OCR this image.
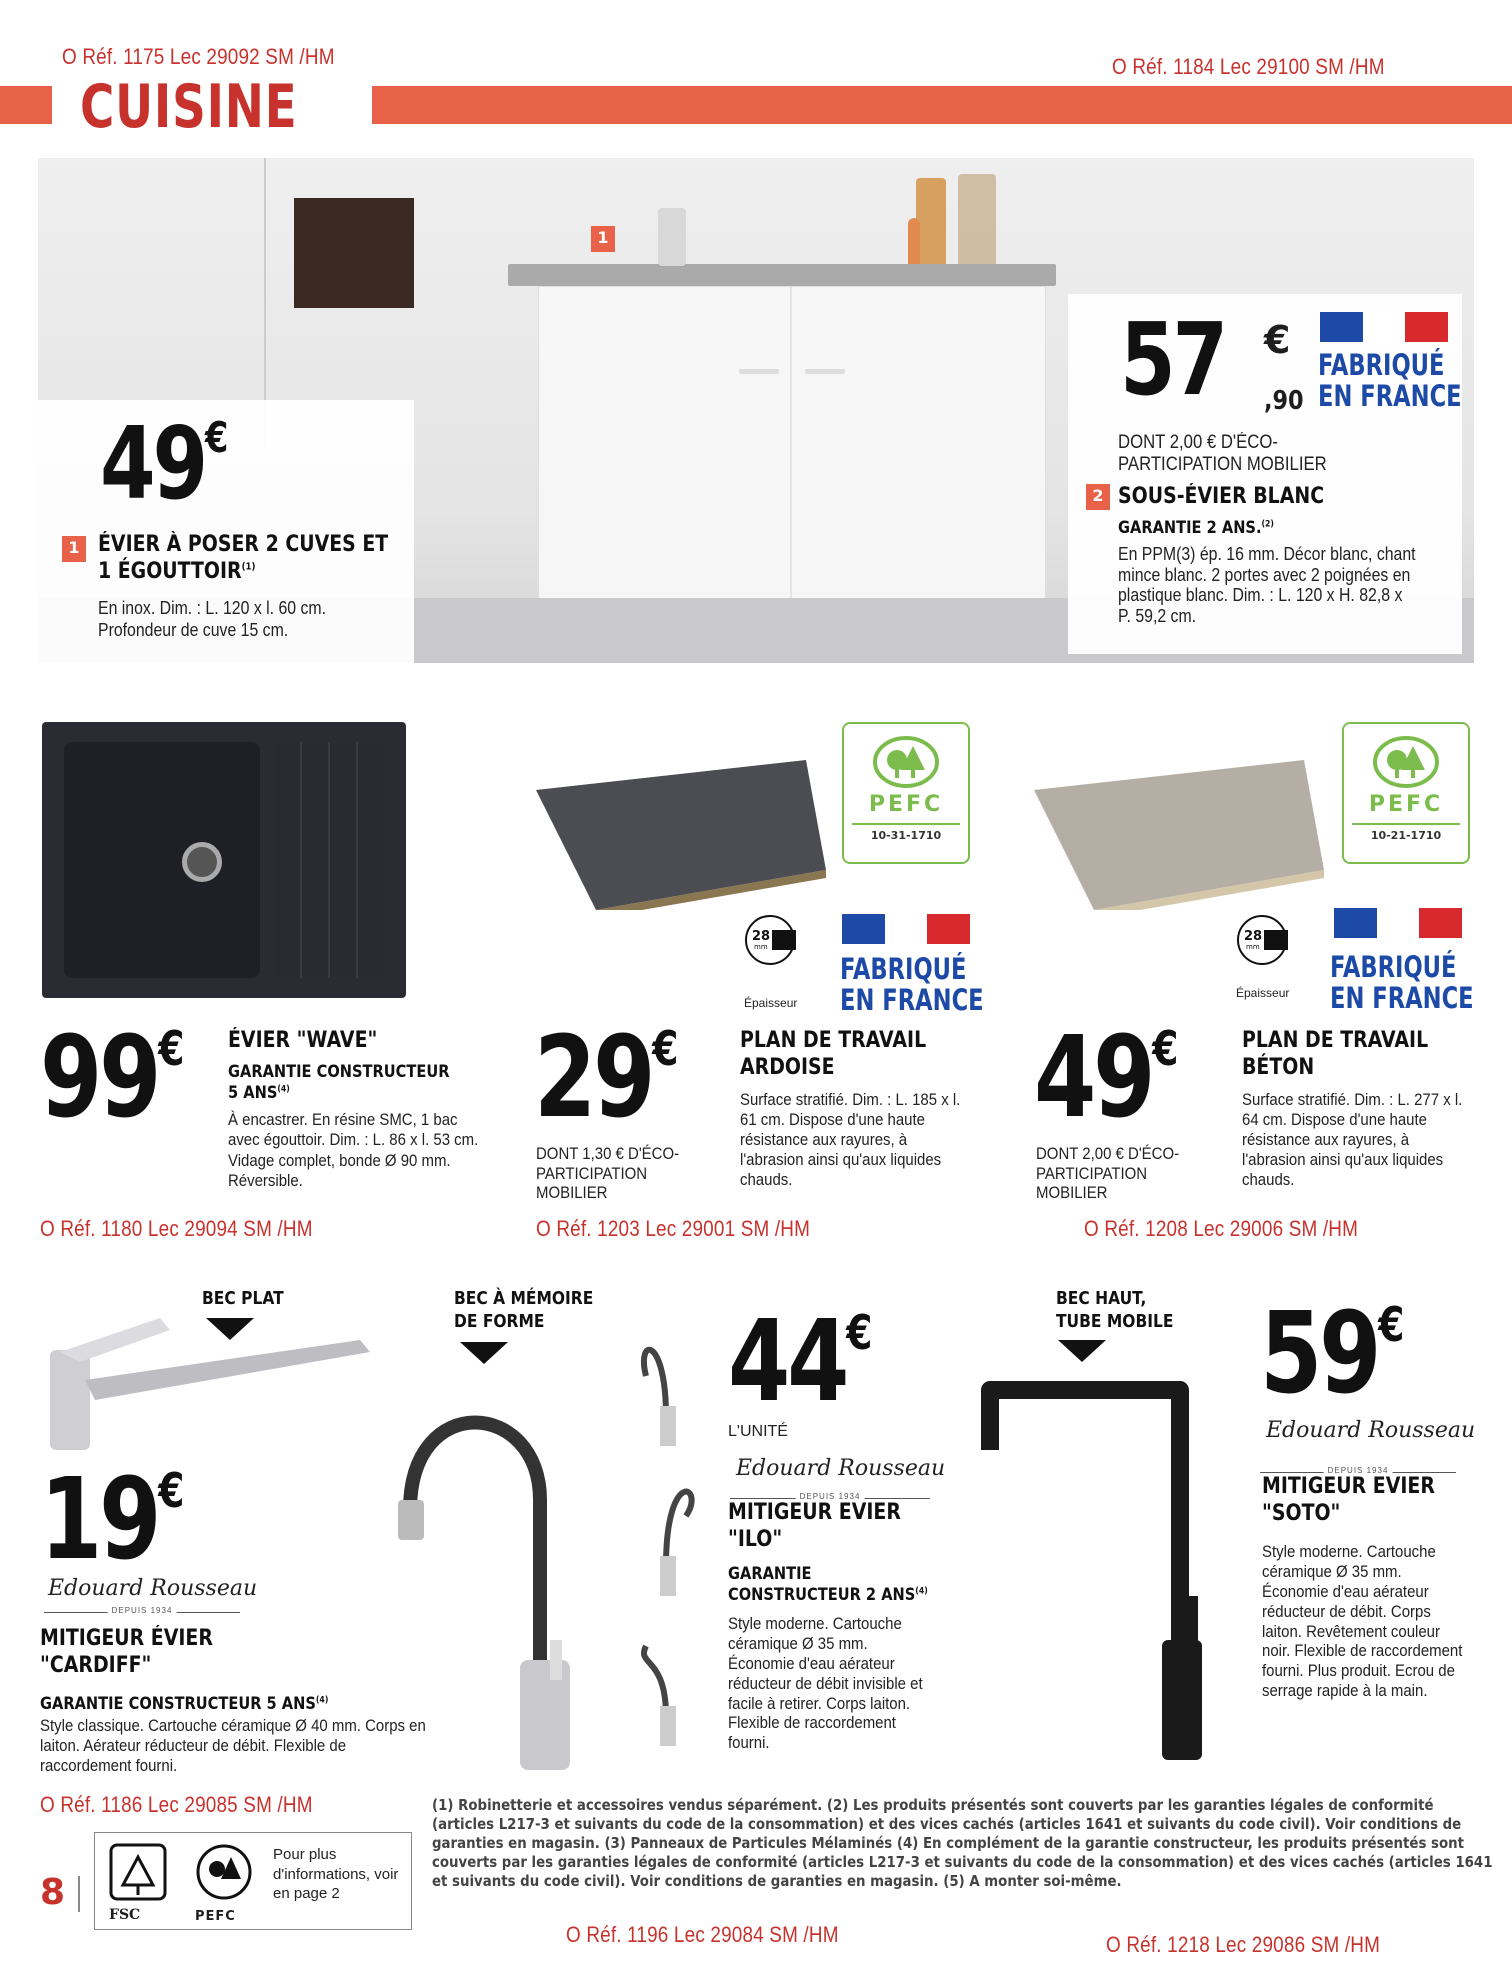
O Réf. 1175 Lec 29092 SM /HM	O Réf. 1184 Lec 29100 SM /HM
CUISINE
1
49€
1 ÉVIER À POSER 2 CUVES ET 1 ÉGOUTTOIR$^{(1)}$
En inox. Dim. : L. 120 x l. 60 cm.
Profondeur de cuve 15 cm.
57 €
,90
FABRIQUÉ
EN FRANCE
DONT 2,00 € D'ÉCO-PARTICIPATION MOBILIER
2 SOUS-ÉVIER BLANC
GARANTIE 2 ANS.$^{(2)}$
En PPM(3) ép. 16 mm. Décor blanc, chant mince blanc. 2 portes avec 2 poignées en plastique blanc. Dim. : L. 120 x H. 82,8 x P. 59,2 cm.
99€ ÉVIER "WAVE"
GARANTIE CONSTRUCTEUR 5 ANS$^{(4)}$
À encastrer. En résine SMC, 1 bac avec égouttoir. Dim. : L. 86 x l. 53 cm. Vidage complet, bonde Ø 90 mm. Réversible.
O Réf. 1180 Lec 29094 SM /HM
PEFC
10-31-1710
28
mm
Épaisseur
FABRIQUÉ
EN FRANCE
29€	PLAN DE TRAVAIL
ARDOISE
Surface stratifié. Dim. : L. 185 x l. 61 cm. Dispose d'une haute résistance aux rayures, à l'abrasion ainsi qu'aux liquides chauds.
DONT 1,30 € D'ÉCO-PARTICIPATION MOBILIER
O Réf. 1203 Lec 29001 SM /HM
PEFC
10-21-1710
28
mm
Épaisseur
FABRIQUÉ
EN FRANCE
49€	PLAN DE TRAVAIL
BÉTON
Surface stratifié. Dim. : L. 277 x l. 64 cm. Dispose d'une haute résistance aux rayures, à l'abrasion ainsi qu'aux liquides chauds.
DONT 2,00 € D'ÉCO-PARTICIPATION MOBILIER
O Réf. 1208 Lec 29006 SM /HM
BEC PLAT
19€
Edouard Rousseau
DEPUIS 1934
MITIGEUR ÉVIER
"CARDIFF"
GARANTIE CONSTRUCTEUR 5 ANS$^{(4)}$
Style classique. Cartouche céramique Ø 40 mm. Corps en laiton. Aérateur réducteur de débit. Flexible de raccordement fourni.
O Réf. 1186 Lec 29085 SM /HM
BEC À MÉMOIRE
DE FORME	44€
L'UNITÉ
Edouard Rousseau
DEPUIS 1934
MITIGEUR EVIER
"ILO"
GARANTIE
CONSTRUCTEUR 2 ANS$^{(4)}$
Style moderne. Cartouche céramique Ø 35 mm. Économie d'eau aérateur réducteur de débit invisible et facile à retirer. Corps laiton. Flexible de raccordement fourni.
O Réf. 1196 Lec 29084 SM /HM
BEC HAUT,
TUBE MOBILE 59€
Edouard Rousseau
DEPUIS 1934
MITIGEUR EVIER
"SOTO"
Style moderne. Cartouche céramique Ø 35 mm. Économie d'eau aérateur réducteur de débit. Corps laiton. Revêtement couleur noir. Flexible de raccordement fourni. Plus produit. Ecrou de serrage rapide à la main.
O Réf. 1218 Lec 29086 SM /HM
8
FSC	PEFC
Pour plus d'informations, voir en page 2
(1) Robinetterie et accessoires vendus séparément. (2) Les produits présentés sont couverts par les garanties légales de conformité (articles L217-3 et suivants du code de la consommation) et des vices cachés (articles 1641 et suivants du code civil). Voir conditions de garanties en magasin. (3) Panneaux de Particules Mélaminés (4) En complément de la garantie constructeur, les produits présentés sont couverts par les garanties légales de conformité (articles L217-3 et suivants du code de la consommation) et des vices cachés (articles 1641 et suivants du code civil). Voir conditions de garanties en magasin. (5) A monter soi-même.
